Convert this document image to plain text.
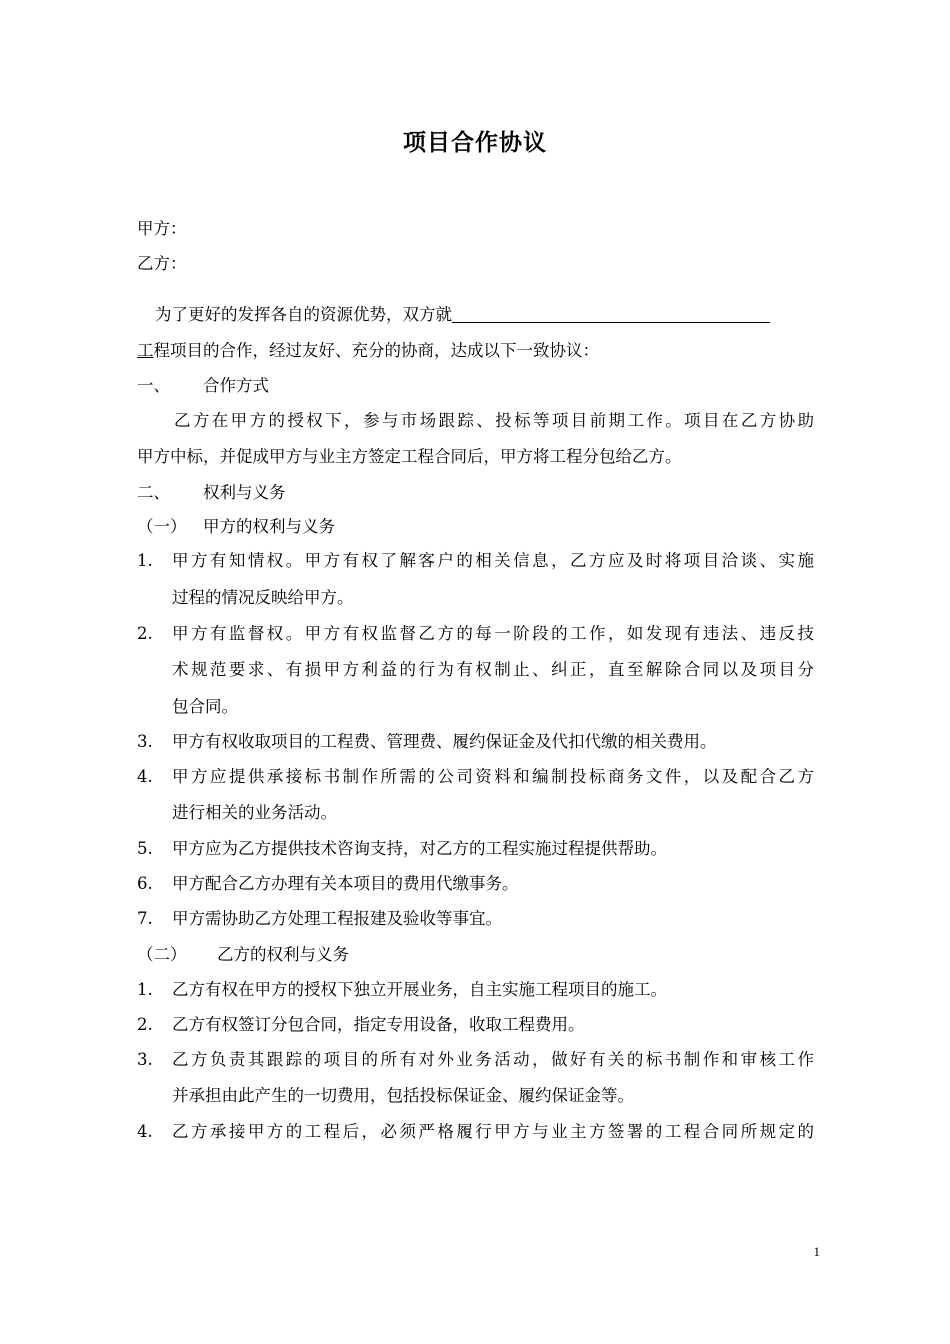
项目合作协议
甲方：
乙方：
为了更好的发挥各自的资源优势，双方就
工程项目的合作，经过友好、充分的协商，达成以下一致协议：
一、 合作方式
乙方在甲方的授权下，参与市场跟踪、投标等项目前期工作。项目在乙方协助
甲方中标，并促成甲方与业主方签定工程合同后，甲方将工程分包给乙方。
二、 权利与义务
（一） 甲方的权利与义务
1. 甲方有知情权。甲方有权了解客户的相关信息，乙方应及时将项目洽谈、实施
过程的情况反映给甲方。
2. 甲方有监督权。甲方有权监督乙方的每一阶段的工作，如发现有违法、违反技
术规范要求、有损甲方利益的行为有权制止、纠正，直至解除合同以及项目分
包合同。
3. 甲方有权收取项目的工程费、管理费、履约保证金及代扣代缴的相关费用。
4. 甲方应提供承接标书制作所需的公司资料和编制投标商务文件，以及配合乙方
进行相关的业务活动。
5. 甲方应为乙方提供技术咨询支持，对乙方的工程实施过程提供帮助。
6. 甲方配合乙方办理有关本项目的费用代缴事务。
7. 甲方需协助乙方处理工程报建及验收等事宜。
（二） 乙方的权利与义务
1. 乙方有权在甲方的授权下独立开展业务，自主实施工程项目的施工。
2. 乙方有权签订分包合同，指定专用设备，收取工程费用。
3. 乙方负责其跟踪的项目的所有对外业务活动，做好有关的标书制作和审核工作
并承担由此产生的一切费用，包括投标保证金、履约保证金等。
4. 乙方承接甲方的工程后，必须严格履行甲方与业主方签署的工程合同所规定的
1
